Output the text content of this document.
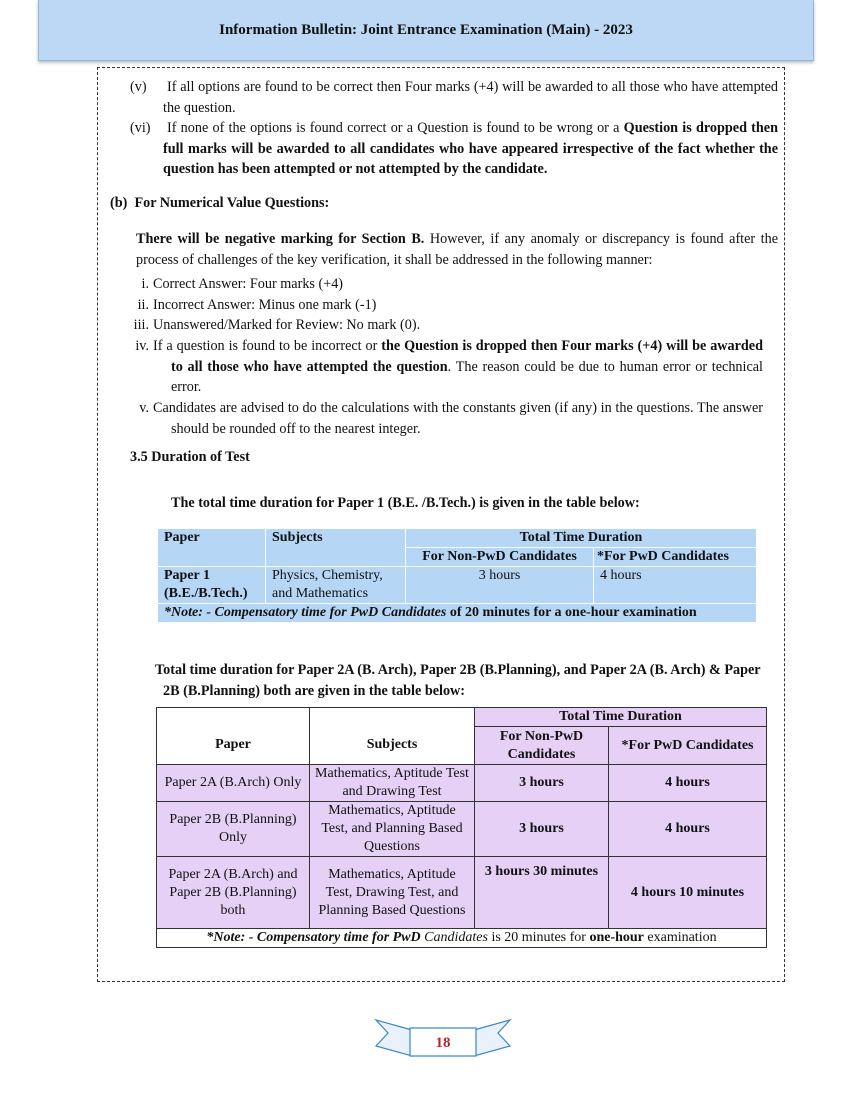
Information Bulletin: Joint Entrance Examination (Main) - 2023
(v) If all options are found to be correct then Four marks (+4) will be awarded to all those who have attempted the question.
(vi) If none of the options is found correct or a Question is found to be wrong or a Question is dropped then full marks will be awarded to all candidates who have appeared irrespective of the fact whether the question has been attempted or not attempted by the candidate.
(b) For Numerical Value Questions:
There will be negative marking for Section B. However, if any anomaly or discrepancy is found after the process of challenges of the key verification, it shall be addressed in the following manner:
i. Correct Answer: Four marks (+4)
ii. Incorrect Answer: Minus one mark (-1)
iii. Unanswered/Marked for Review: No mark (0).
iv. If a question is found to be incorrect or the Question is dropped then Four marks (+4) will be awarded to all those who have attempted the question. The reason could be due to human error or technical error.
v. Candidates are advised to do the calculations with the constants given (if any) in the questions. The answer should be rounded off to the nearest integer.
3.5 Duration of Test
The total time duration for Paper 1 (B.E. /B.Tech.) is given in the table below:
Paper	Subjects	Total Time Duration	
		For Non-PwD Candidates	*For PwD Candidates
Paper 1 (B.E./B.Tech.)	Physics, Chemistry, and Mathematics	3 hours	4 hours
*Note: - Compensatory time for PwD Candidates of 20 minutes for a one-hour examination			
Total time duration for Paper 2A (B. Arch), Paper 2B (B.Planning), and Paper 2A (B. Arch) & Paper 2B (B.Planning) both are given in the table below:
Paper	Subjects	Total Time Duration	
		For Non-PwD Candidates	*For PwD Candidates
Paper 2A (B.Arch) Only	Mathematics, Aptitude Test and Drawing Test	3 hours	4 hours
Paper 2B (B.Planning) Only	Mathematics, Aptitude Test, and Planning Based Questions	3 hours	4 hours
Paper 2A (B.Arch) and Paper 2B (B.Planning) both	Mathematics, Aptitude Test, Drawing Test, and Planning Based Questions	3 hours 30 minutes	4 hours 10 minutes
*Note: - Compensatory time for PwD Candidates is 20 minutes for one-hour examination			
18
